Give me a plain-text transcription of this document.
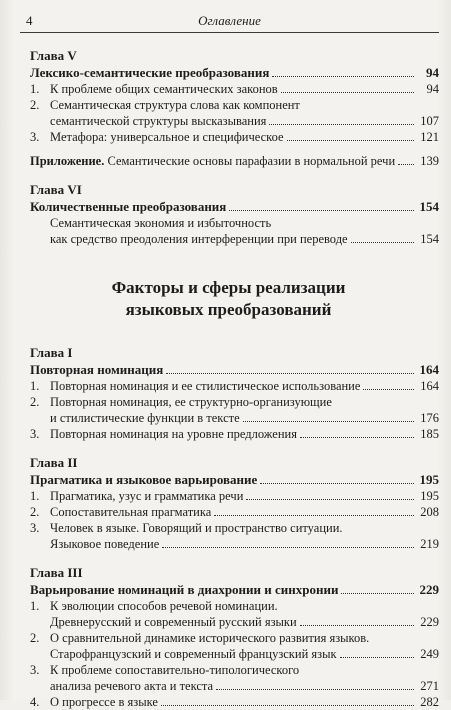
4	Оглавление
Глава V
Лексико-семантические преобразования	94
1. К проблеме общих семантических законов	94
2. Семантическая структура слова как компонент
семантической структуры высказывания	107
3. Метафора: универсальное и специфическое	121
Приложение. Семантические основы парафазии в нормальной речи 139
Глава VI
Количественные преобразования	154
Семантическая экономия и избыточность
как средство преодоления интерференции при переводе	154
Факторы и сферы реализации
языковых преобразований
Глава I
Повторная номинация	164
1. Повторная номинация и ее стилистическое использование	164
2. Повторная номинация, ее структурно-организующие
и стилистические функции в тексте	176
3. Повторная номинация на уровне предложения	185
Глава II
Прагматика и языковое варьирование	195
1. Прагматика, узус и грамматика речи	195
2. Сопоставительная прагматика	208
3. Человек в языке. Говорящий и пространство ситуации.
Языковое поведение	219
Глава III
Варьирование номинаций в диахронии и синхронии	229
1. К эволюции способов речевой номинации.
Древнерусский и современный русский языки	229
2. О сравнительной динамике исторического развития языков.
Старофранцузский и современный французский язык	249
3. К проблеме сопоставительно-типологического
анализа речевого акта и текста	271
4. О прогрессе в языке	282
